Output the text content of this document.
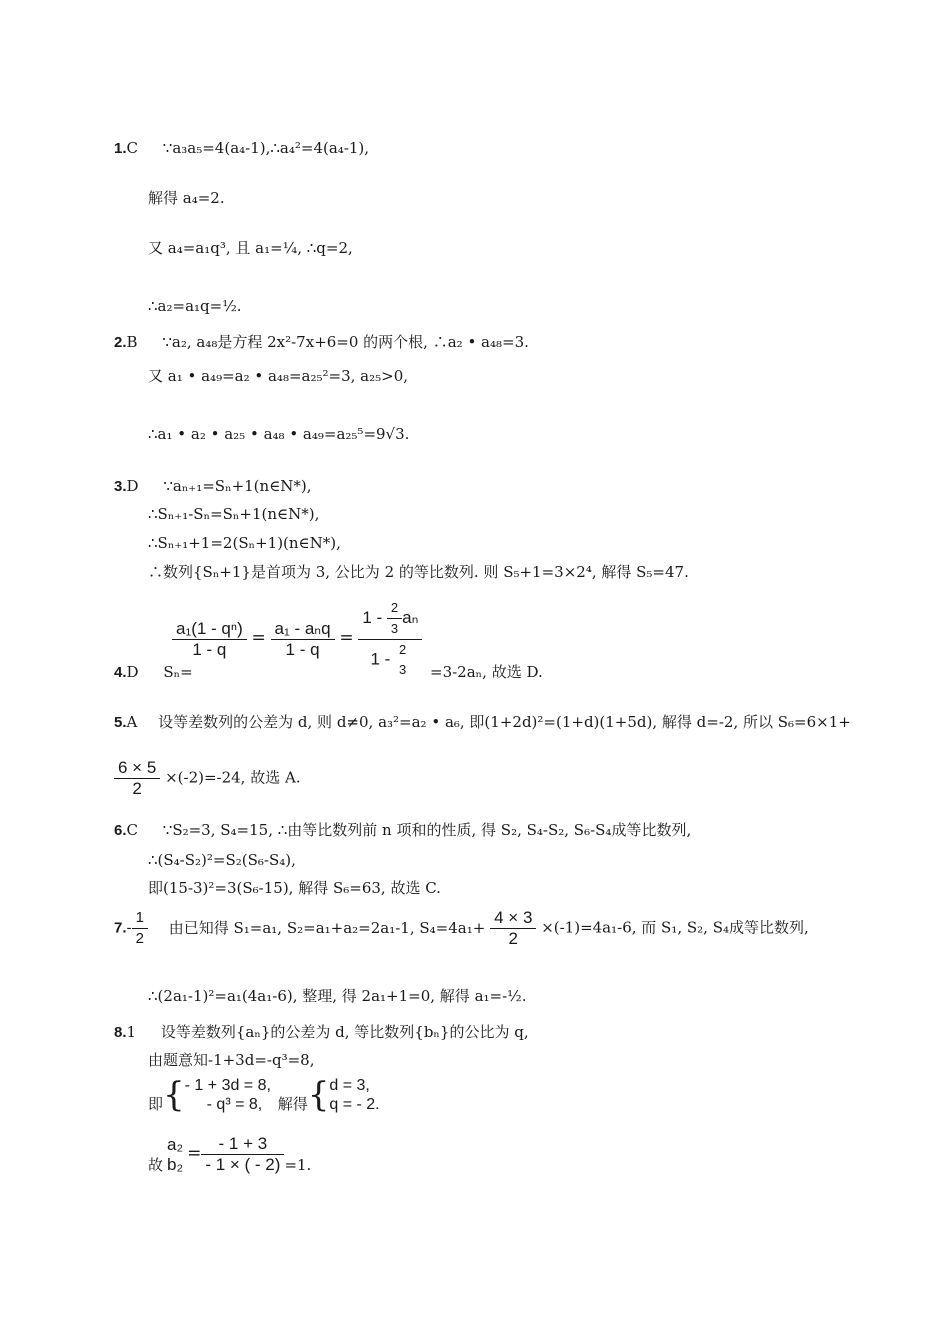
1.C ∵a₃a₅=4(a₄-1),∴a₄²=4(a₄-1),
解得 a₄=2.
又 a₄=a₁q³, 且 a₁=¼, ∴q=2,
∴a₂=a₁q=½.
2.B ∵a₂, a₄₈是方程 2x²-7x+6=0 的两个根, ∴a₂ • a₄₈=3.
又 a₁ • a₄₉=a₂ • a₄₈=a₂₅²=3, a₂₅>0,
∴a₁ • a₂ • a₂₅ • a₄₈ • a₄₉=a₂₅⁵=9√3.
3.D ∵aₙ₊₁=Sₙ+1(n∈N*),
∴Sₙ₊₁-Sₙ=Sₙ+1(n∈N*),
∴Sₙ₊₁+1=2(Sₙ+1)(n∈N*),
∴数列{Sₙ+1}是首项为 3, 公比为 2 的等比数列. 则 S₅+1=3×2⁴, 解得 S₅=47.
$\frac{\text{a₁(1 - qⁿ)}}{1 - q} = \frac{\text{a₁ - aₙq}}{1 - q} = 1 - \frac{2}{3}$ aₙ
1 - 2
3
4.D Sₙ=	=3-2aₙ, 故选 D.
5.A 设等差数列的公差为 d, 则 d≠0, a₃²=a₂ • a₆, 即(1+2d)²=(1+d)(1+5d), 解得 d=-2, 所以 S₆=6×1+
$\frac{6 \times 5}{2} \times(-2)=-24$, 故选 A.
6.C ∵S₂=3, S₄=15, ∴由等比数列前 n 项和的性质, 得 S₂, S₄-S₂, S₆-S₄成等比数列,
∴(S₄-S₂)²=S₂(S₆-S₄),
即(15-3)²=3(S₆-15), 解得 S₆=63, 故选 C.
$7.- \frac{1}{2}$ 由已知得 S₁=a₁, S₂=a₁+a₂=2a₁-1, $S_4=4a_1+ \frac{4 \times 3}{2} \times(-1)=4a_1-6$, 而 S₁, S₂, S₄成等比数列,
∴(2a₁-1)²=a₁(4a₁-6), 整理, 得 2a₁+1=0, 解得 a₁=-½.
8.1 设等差数列{aₙ}的公差为 d, 等比数列{bₙ}的公比为 q,
由题意知-1+3d=-q³=8,
即{ - 1 + 3d = 8,
- q³ = 8,	解得{ d = 3,
q = - 2.
故
a₂
b₂
= $\frac{- 1 + 3}{- 1 \times ( - 2)} =1$.
